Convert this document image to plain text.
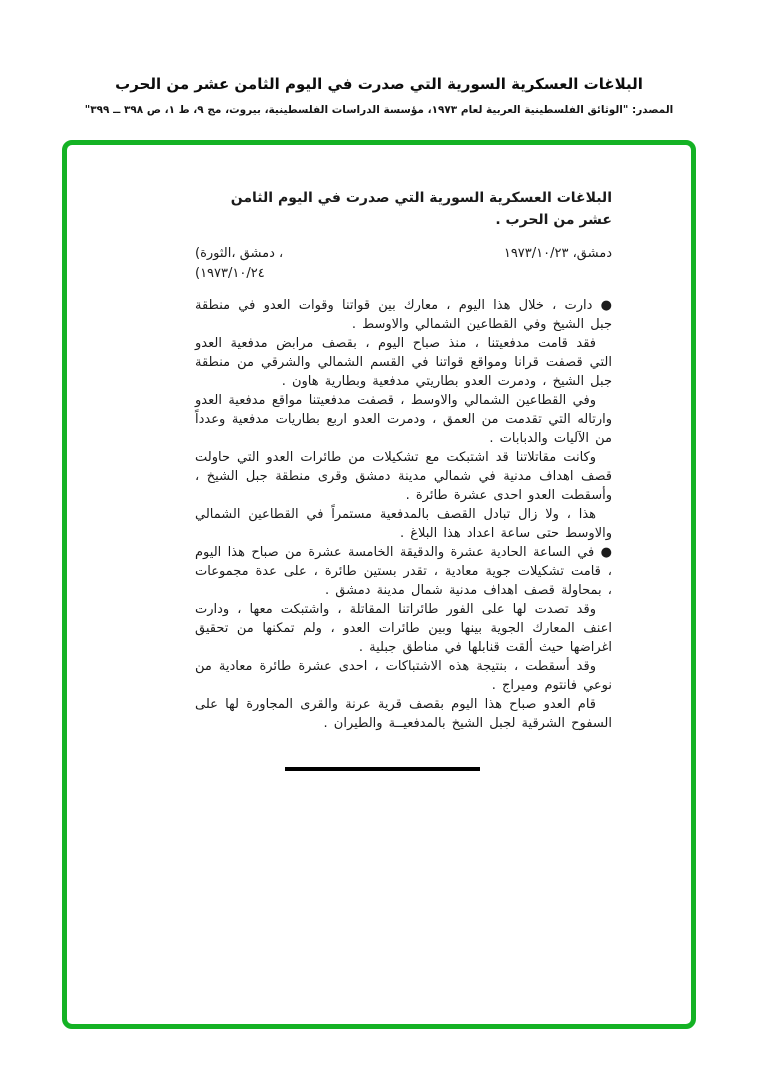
البلاغات العسكرية السورية التي صدرت في اليوم الثامن عشر من الحرب
المصدر: "الوثائق الفلسطينية العربية لعام ١٩٧٣، مؤسسة الدراسات الفلسطينية، بيروت، مج ٩، ط ١، ص ٣٩٨ ــ ٣٩٩"
البلاغات العسكرية السورية التي صدرت في اليوم الثامن عشر من الحرب .
دمشق، ١٩٧٣/١٠/٢٣
(الثورة،‎ دمشق‎ ،
(١٩٧٣/١٠/٢٤

● دارت ، خلال هذا اليوم ، معارك بين قواتنا وقوات العدو في منطقة جبل الشيخ وفي القطاعين الشمالي والاوسط .

فقد قامت مدفعيتنا ، منذ صباح اليوم ، بقصف مرابض مدفعية العدو التي قصفت قرانا ومواقع قواتنا في القسم الشمالي والشرقي من منطقة جبل الشيخ ، ودمرت العدو بطاريتي مدفعية وبطارية هاون .

وفي القطاعين الشمالي والاوسط ، قصفت مدفعيتنا مواقع مدفعية العدو وارتاله التي تقدمت من العمق ، ودمرت العدو اربع بطاريات مدفعية وعدداً من الآليات والدبابات .

وكانت مقاتلاتنا قد اشتبكت مع تشكيلات من طائرات العدو التي حاولت قصف اهداف مدنية في شمالي مدينة دمشق وقرى منطقة جبل الشيخ ، وأسقطت العدو احدى عشرة طائرة .

هذا ، ولا زال تبادل القصف بالمدفعية مستمراً في القطاعين الشمالي والاوسط حتى ساعة اعداد هذا البلاغ .

● في الساعة الحادية عشرة والدقيقة الخامسة عشرة من صباح هذا اليوم ، قامت تشكيلات جوية معادية ، تقدر بستين طائرة ، على عدة مجموعات ، بمحاولة قصف اهداف مدنية شمال مدينة دمشق .

وقد تصدت لها على الفور طائراتنا المقاتلة ، واشتبكت معها ، ودارت اعنف المعارك الجوية بينها وبين طائرات العدو ، ولم تمكنها من تحقيق اغراضها حيث ألقت قنابلها في مناطق جبلية .

وقد أسقطت ، بنتيجة هذه الاشتباكات ، احدى عشرة طائرة معادية من نوعي فانتوم وميراج .

قام العدو صباح هذا اليوم بقصف قرية عرنة والقرى المجاورة لها على السفوح الشرقية لجبل الشيخ بالمدفعيــة والطيران .
